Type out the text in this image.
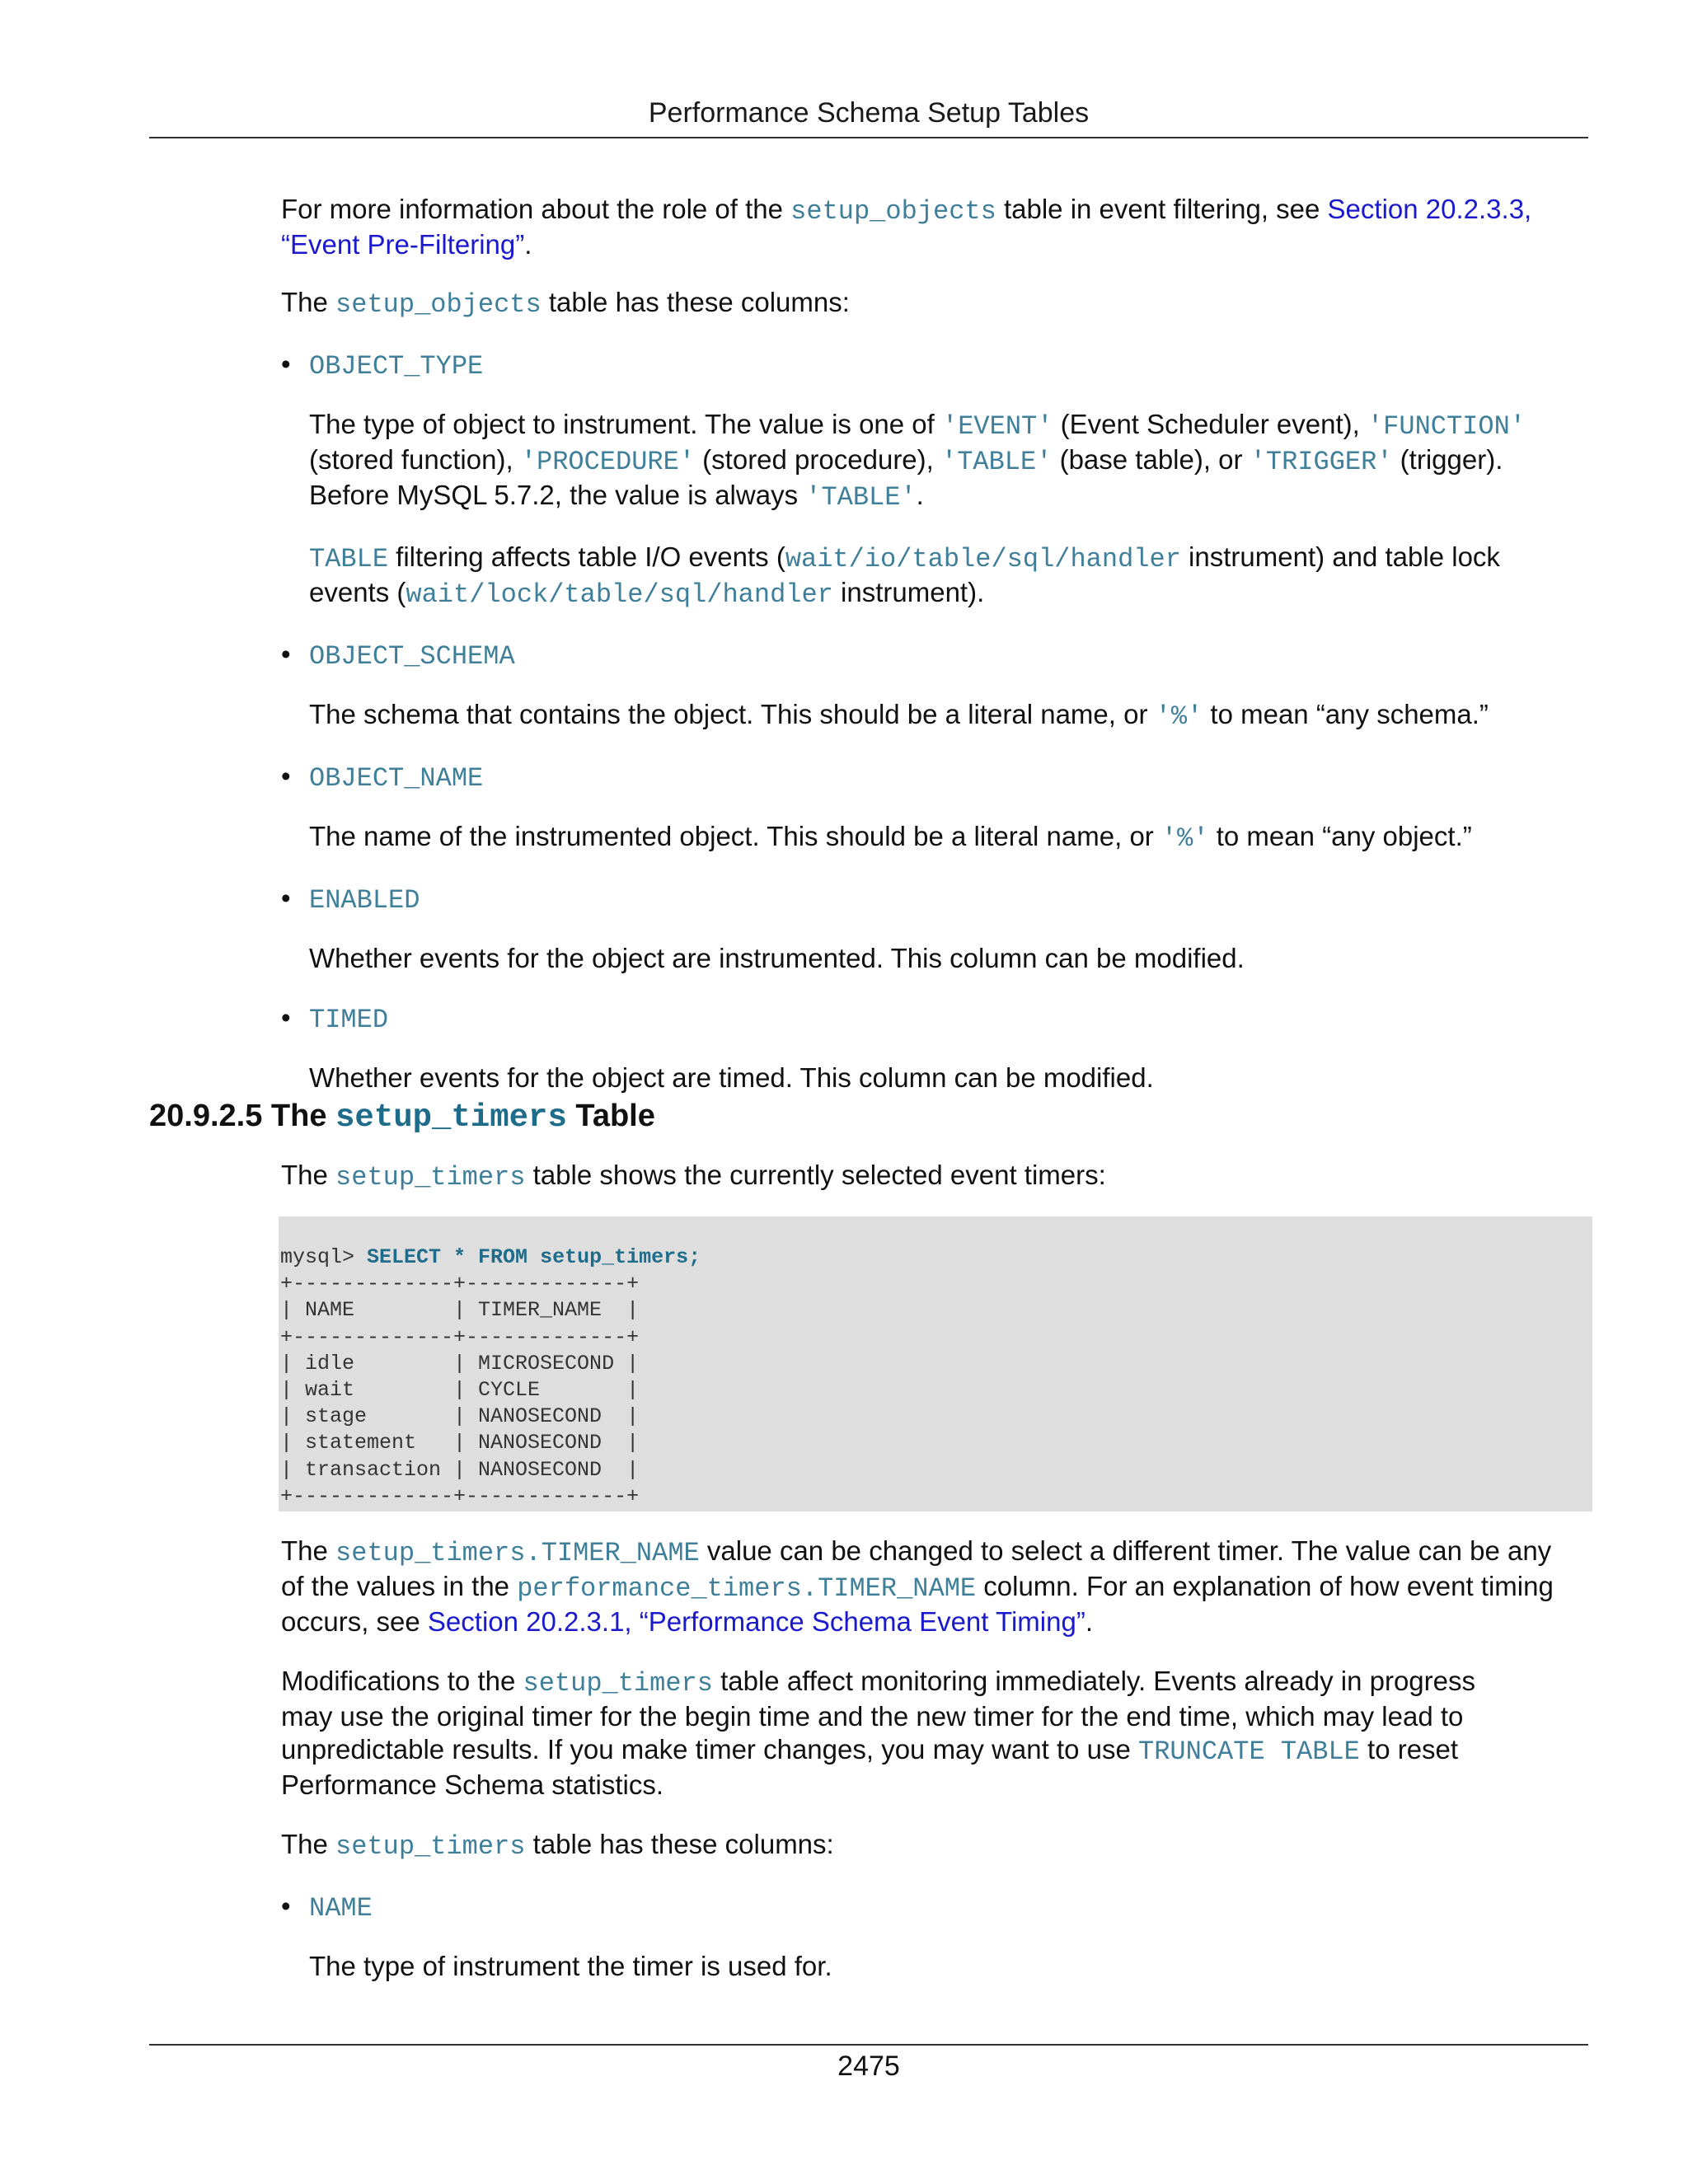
Performance Schema Setup Tables

For more information about the role of the setup_objects table in event filtering, see Section 20.2.3.3, “Event Pre-Filtering”.

The setup_objects table has these columns:

• OBJECT_TYPE

The type of object to instrument. The value is one of 'EVENT' (Event Scheduler event), 'FUNCTION'
(stored function), 'PROCEDURE' (stored procedure), 'TABLE' (base table), or 'TRIGGER' (trigger).
Before MySQL 5.7.2, the value is always 'TABLE'.

TABLE filtering affects table I/O events (wait/io/table/sql/handler instrument) and table lock
events (wait/lock/table/sql/handler instrument).

• OBJECT_SCHEMA

The schema that contains the object. This should be a literal name, or '%' to mean “any schema.”

• OBJECT_NAME

The name of the instrumented object. This should be a literal name, or '%' to mean “any object.”

• ENABLED

Whether events for the object are instrumented. This column can be modified.

• TIMED

Whether events for the object are timed. This column can be modified.

20.9.2.5 The setup_timers Table

The setup_timers table shows the currently selected event timers:

mysql> SELECT * FROM setup_timers;
+-------------+-------------+
| NAME        | TIMER_NAME  |
+-------------+-------------+
| idle        | MICROSECOND |
| wait        | CYCLE       |
| stage       | NANOSECOND  |
| statement   | NANOSECOND  |
| transaction | NANOSECOND  |
+-------------+-------------+

The setup_timers.TIMER_NAME value can be changed to select a different timer. The value can be any
of the values in the performance_timers.TIMER_NAME column. For an explanation of how event timing
occurs, see Section 20.2.3.1, “Performance Schema Event Timing”.

Modifications to the setup_timers table affect monitoring immediately. Events already in progress
may use the original timer for the begin time and the new timer for the end time, which may lead to
unpredictable results. If you make timer changes, you may want to use TRUNCATE TABLE to reset
Performance Schema statistics.

The setup_timers table has these columns:

• NAME

The type of instrument the timer is used for.

2475
